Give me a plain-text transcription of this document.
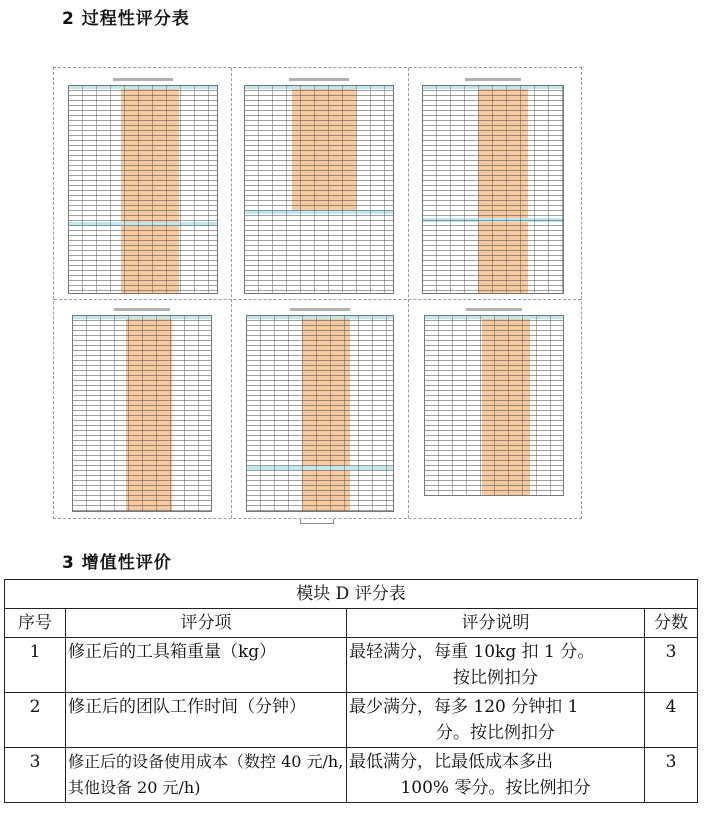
2 过程性评分表
3 增值性评价
模块 D 评分表			
序号	评分项	评分说明	分数
1	修正后的工具箱重量（kg）	最轻满分，每重 10kg 扣 1 分。
按比例扣分	3
2	修正后的团队工作时间（分钟）	最少满分，每多 120 分钟扣 1
分。按比例扣分	4
3	修正后的设备使用成本（数控 40 元/h,其他设备 20 元/h)	最低满分，比最低成本多出
100% 零分。按比例扣分	3
